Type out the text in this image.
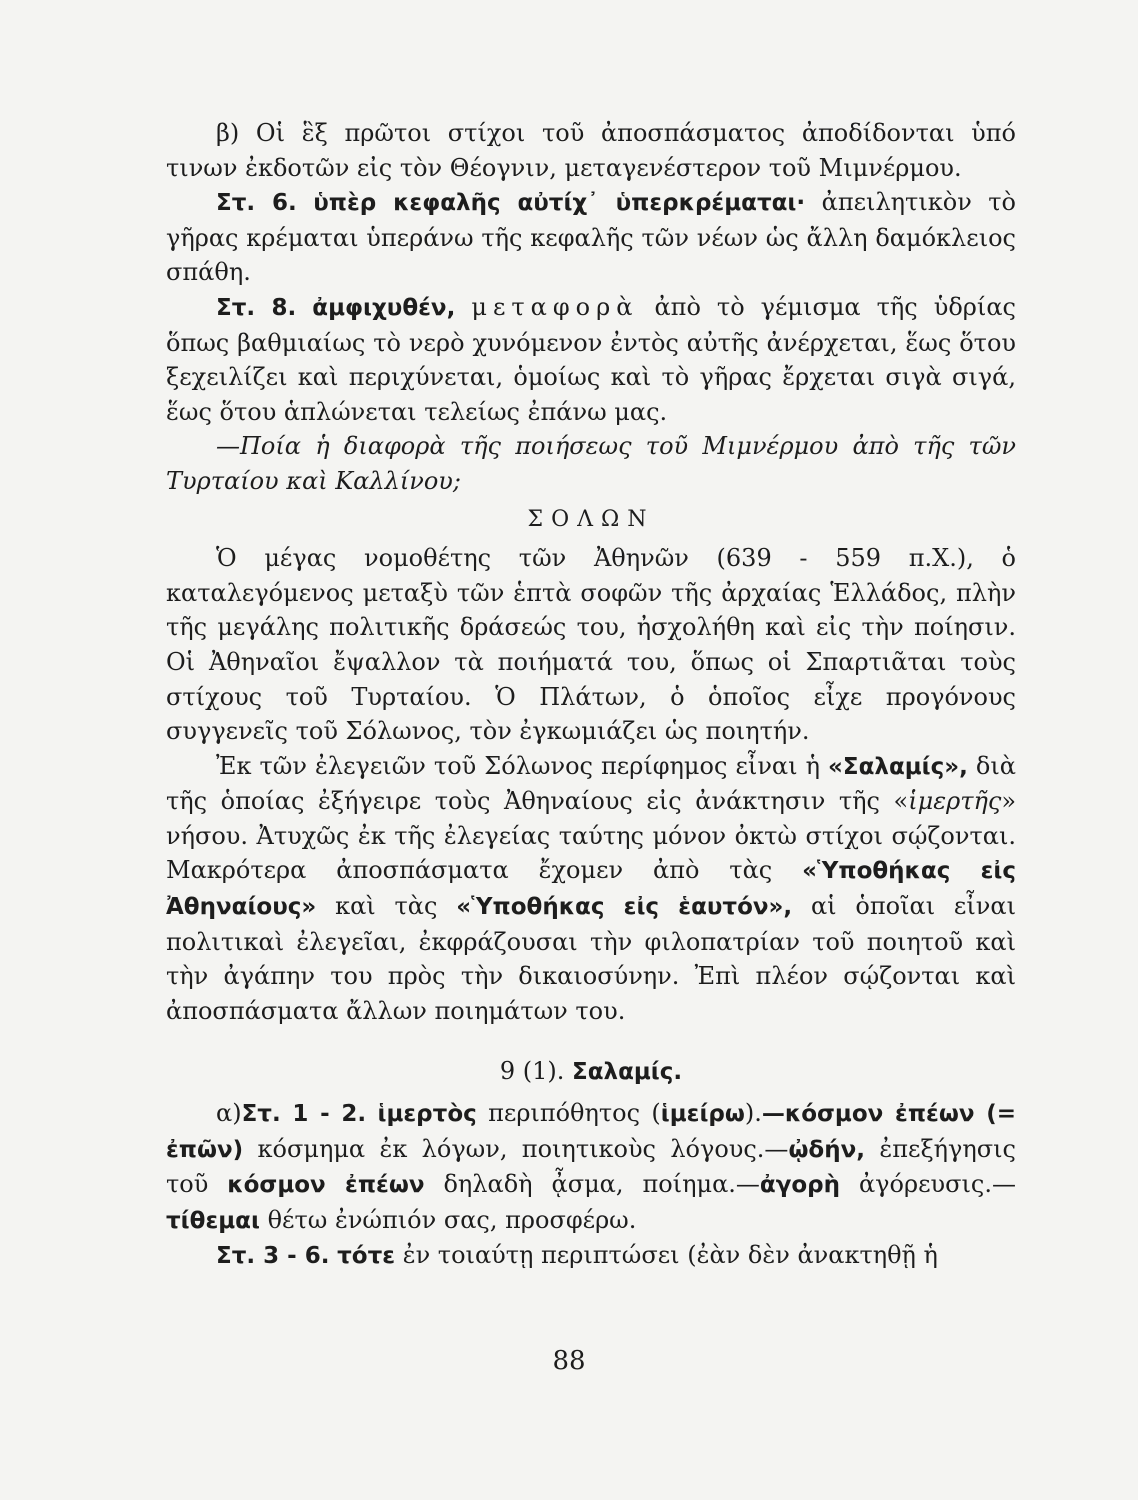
β) Οἱ ἓξ πρῶτοι στίχοι τοῦ ἀποσπάσματος ἀποδίδονται ὑπό τινων ἐκδοτῶν εἰς τὸν Θέογνιν, μεταγενέστερον τοῦ Μιμνέρμου.

Στ. 6. ὑπὲρ κεφαλῆς αὐτίχ᾽ ὑπερκρέμαται· ἀπειλητικὸν τὸ γῆρας κρέμαται ὑπεράνω τῆς κεφαλῆς τῶν νέων ὡς ἄλλη δαμόκλειος σπάθη.

Στ. 8. ἀμφιχυθέν, μεταφορὰ ἀπὸ τὸ γέμισμα τῆς ὑδρίας ὅπως βαθμιαίως τὸ νερὸ χυνόμενον ἐντὸς αὐτῆς ἀνέρχεται, ἕως ὅτου ξεχειλίζει καὶ περιχύνεται, ὁμοίως καὶ τὸ γῆρας ἔρχεται σιγὰ σιγά, ἕως ὅτου ἁπλώνεται τελείως ἐπάνω μας.

—Ποία ἡ διαφορὰ τῆς ποιήσεως τοῦ Μιμνέρμου ἀπὸ τῆς τῶν Τυρταίου καὶ Καλλίνου;

ΣΟΛΩΝ

Ὁ μέγας νομοθέτης τῶν Ἀθηνῶν (639 - 559 π.Χ.), ὁ καταλεγόμενος μεταξὺ τῶν ἑπτὰ σοφῶν τῆς ἀρχαίας Ἑλλάδος, πλὴν τῆς μεγάλης πολιτικῆς δράσεώς του, ἠσχολήθη καὶ εἰς τὴν ποίησιν. Οἱ Ἀθηναῖοι ἔψαλλον τὰ ποιήματά του, ὅπως οἱ Σπαρτιᾶται τοὺς στίχους τοῦ Τυρταίου. Ὁ Πλάτων, ὁ ὁποῖος εἶχε προγόνους συγγενεῖς τοῦ Σόλωνος, τὸν ἐγκωμιάζει ὡς ποιητήν.

Ἐκ τῶν ἐλεγειῶν τοῦ Σόλωνος περίφημος εἶναι ἡ «Σαλαμίς», διὰ τῆς ὁποίας ἐξήγειρε τοὺς Ἀθηναίους εἰς ἀνάκτησιν τῆς «ἱμερτῆς» νήσου. Ἀτυχῶς ἐκ τῆς ἐλεγείας ταύτης μόνον ὀκτὼ στίχοι σῴζονται. Μακρότερα ἀποσπάσματα ἔχομεν ἀπὸ τὰς «Ὑποθήκας εἰς Ἀθηναίους» καὶ τὰς «Ὑποθήκας εἰς ἑαυτόν», αἱ ὁποῖαι εἶναι πολιτικαὶ ἐλεγεῖαι, ἐκφράζουσαι τὴν φιλοπατρίαν τοῦ ποιητοῦ καὶ τὴν ἀγάπην του πρὸς τὴν δικαιοσύνην. Ἐπὶ πλέον σῴζονται καὶ ἀποσπάσματα ἄλλων ποιημάτων του.

9 (1). Σαλαμίς.

α)Στ. 1 - 2. ἱμερτὸς περιπόθητος (ἱμείρω).—κόσμον ἐπέων (= ἐπῶν) κόσμημα ἐκ λόγων, ποιητικοὺς λόγους.—ᾠδήν, ἐπεξήγησις τοῦ κόσμον ἐπέων δηλαδὴ ᾆσμα, ποίημα.—ἀγορὴ ἀγόρευσις.— τίθεμαι θέτω ἐνώπιόν σας, προσφέρω.

Στ. 3 - 6. τότε ἐν τοιαύτῃ περιπτώσει (ἐὰν δὲν ἀνακτηθῇ ἡ

88
